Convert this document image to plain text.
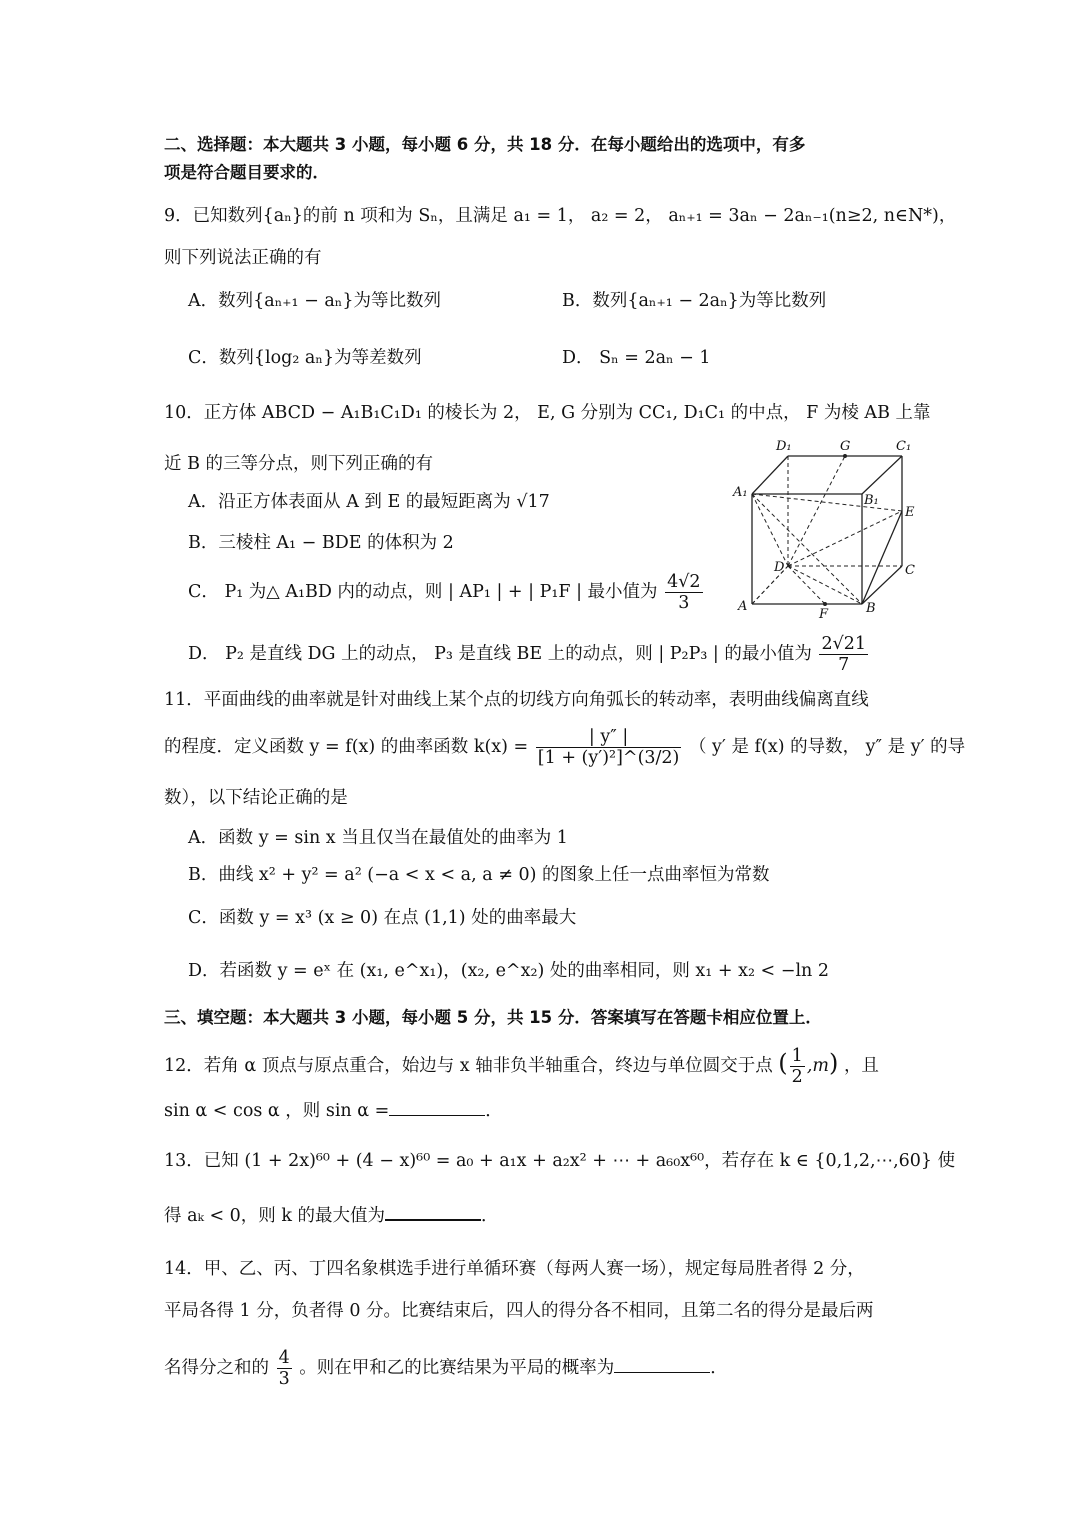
二、选择题：本大题共 3 小题，每小题 6 分，共 18 分．在每小题给出的选项中，有多
项是符合题目要求的．
9．已知数列{aₙ}的前 n 项和为 Sₙ，且满足 a₁ = 1， a₂ = 2， aₙ₊₁ = 3aₙ − 2aₙ₋₁(n≥2, n∈N*)，
则下列说法正确的有
A．数列{aₙ₊₁ − aₙ}为等比数列	B．数列{aₙ₊₁ − 2aₙ}为等比数列
C．数列{log₂ aₙ}为等差数列	D． Sₙ = 2aₙ − 1
10．正方体 ABCD − A₁B₁C₁D₁ 的棱长为 2， E, G 分别为 CC₁, D₁C₁ 的中点， F 为棱 AB 上靠
近 B 的三等分点，则下列正确的有
A．沿正方体表面从 A 到 E 的最短距离为 √17
B．三棱柱 A₁ − BDE 的体积为 2
C． P₁ 为△ A₁BD 内的动点，则 | AP₁ | + | P₁F | 最小值为 $\frac{4√2}{3}$
D． P₂ 是直线 DG 上的动点， P₃ 是直线 BE 上的动点，则 | P₂P₃ | 的最小值为 $\frac{2√21}{7}$
D₁	G	C₁
A₁
B₁
E
D	C
A	B
F
11．平面曲线的曲率就是针对曲线上某个点的切线方向角弧长的转动率，表明曲线偏离直线
的程度．定义函数 y = f(x) 的曲率函数 $k(x) = \frac{| y'' |}{\text{[1 + (y′)²]\textasciicircum{}(3/2)}}$ （ y′ 是 f(x) 的导数， y″ 是 y′ 的导
数），以下结论正确的是
A．函数 y = sin x 当且仅当在最值处的曲率为 1
B．曲线 x² + y² = a² (−a < x < a, a ≠ 0) 的图象上任一点曲率恒为常数
C．函数 y = x³ (x ≥ 0) 在点 (1,1) 处的曲率最大
D．若函数 y = eˣ 在 (x₁, e^x₁)，(x₂, e^x₂) 处的曲率相同，则 x₁ + x₂ < −ln 2
三、填空题：本大题共 3 小题，每小题 5 分，共 15 分．答案填写在答题卡相应位置上．
12．若角 α 顶点与原点重合，始边与 x 轴非负半轴重合，终边与单位圆交于点 ( $\frac{1}{2} ,m$) ，且
sin α < cos α ，则 sin α =	．
13．已知 (1 + 2x)⁶⁰ + (4 − x)⁶⁰ = a₀ + a₁x + a₂x² + ⋯ + a₆₀x⁶⁰，若存在 k ∈ {0,1,2,⋯,60} 使
得 aₖ < 0，则 k 的最大值为	．
14．甲、乙、丙、丁四名象棋选手进行单循环赛（每两人赛一场），规定每局胜者得 2 分，
平局各得 1 分，负者得 0 分。比赛结束后，四人的得分各不相同，且第二名的得分是最后两
名得分之和的 $\frac{4}{3}$ 。则在甲和乙的比赛结果为平局的概率为	．
